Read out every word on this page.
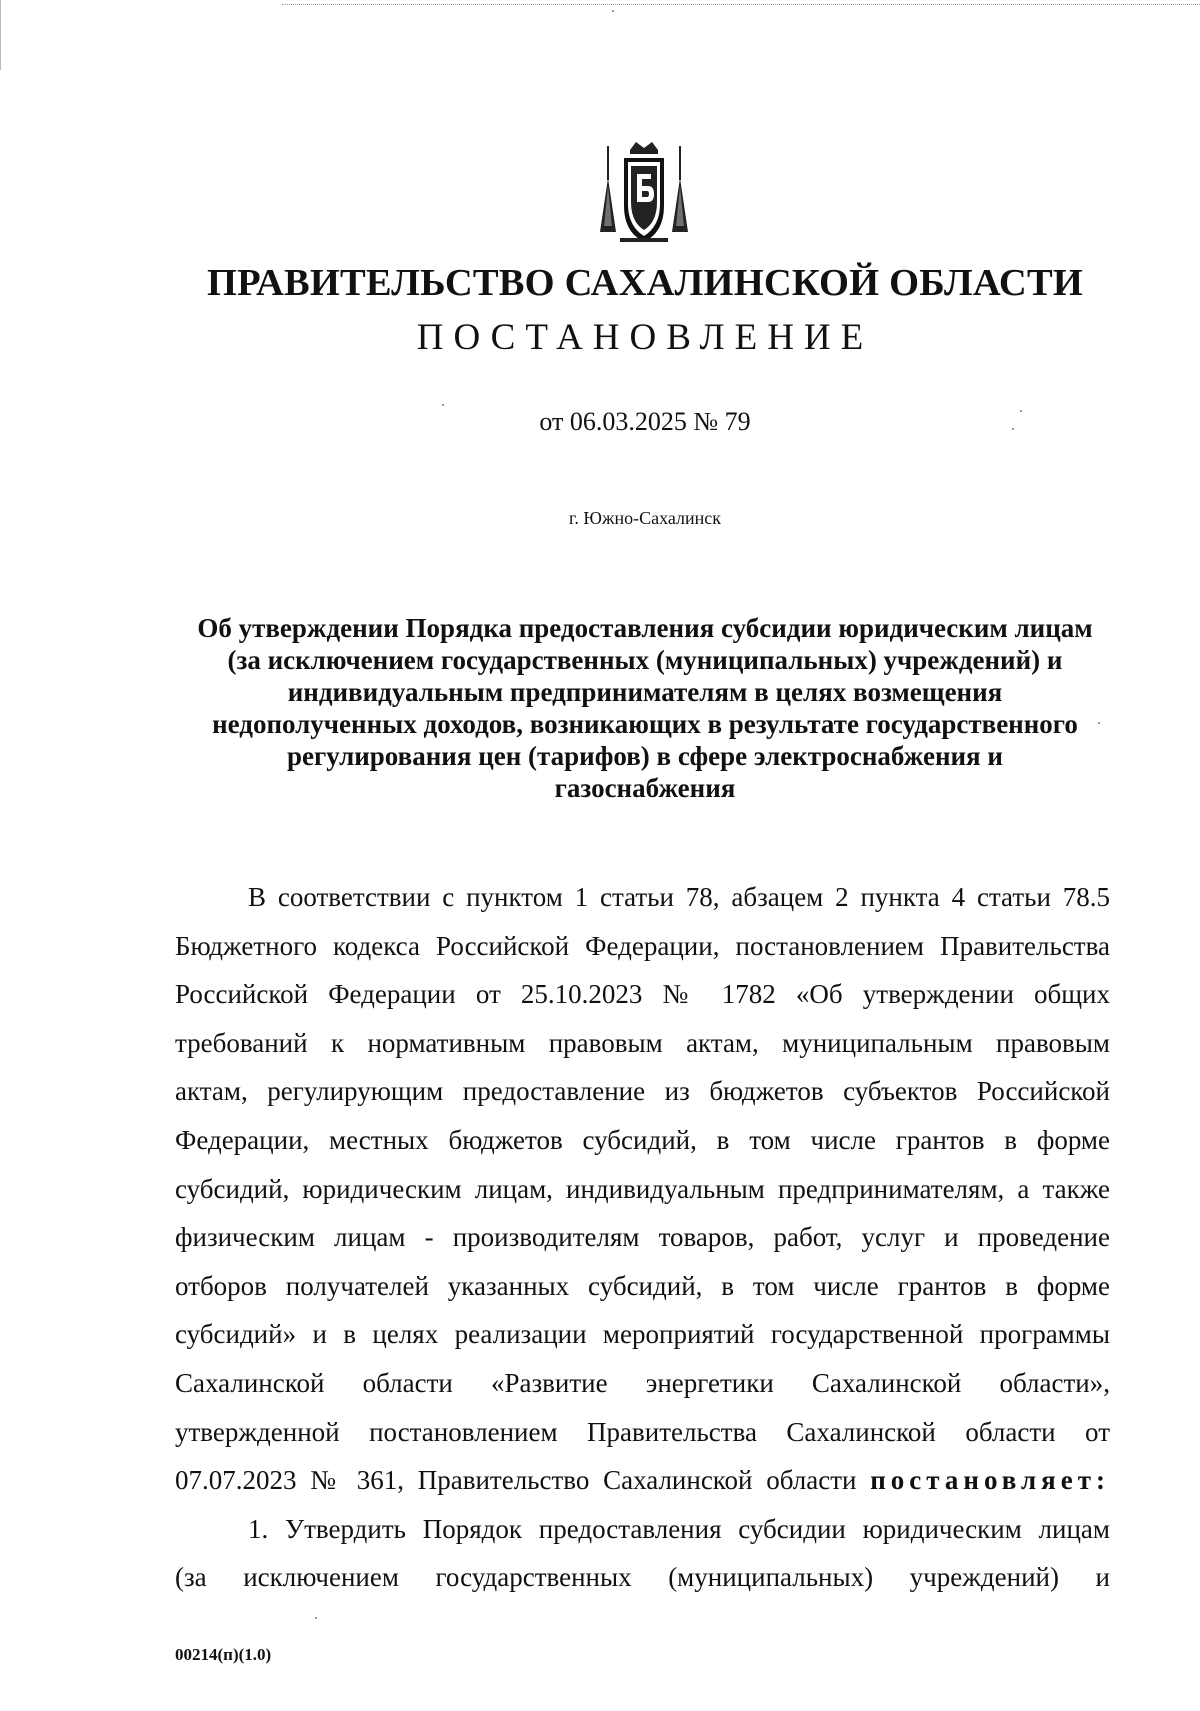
ПРАВИТЕЛЬСТВО САХАЛИНСКОЙ ОБЛАСТИ
ПОСТАНОВЛЕНИЕ
от 06.03.2025 № 79
г. Южно-Сахалинск
Об утверждении Порядка предоставления субсидии юридическим лицам
(за исключением государственных (муниципальных) учреждений) и
индивидуальным предпринимателям в целях возмещения
недополученных доходов, возникающих в результате государственного
регулирования цен (тарифов) в сфере электроснабжения и
газоснабжения
В соответствии с пунктом 1 статьи 78, абзацем 2 пункта 4 статьи 78.5
Бюджетного кодекса Российской Федерации, постановлением Правительства
Российской Федерации от 25.10.2023 № 1782 «Об утверждении общих
требований к нормативным правовым актам, муниципальным правовым
актам, регулирующим предоставление из бюджетов субъектов Российской
Федерации, местных бюджетов субсидий, в том числе грантов в форме
субсидий, юридическим лицам, индивидуальным предпринимателям, а также
физическим лицам - производителям товаров, работ, услуг и проведение
отборов получателей указанных субсидий, в том числе грантов в форме
субсидий» и в целях реализации мероприятий государственной программы
Сахалинской области «Развитие энергетики Сахалинской области»,
утвержденной постановлением Правительства Сахалинской области от
07.07.2023 № 361, Правительство Сахалинской области постановляет:
1. Утвердить Порядок предоставления субсидии юридическим лицам
(за исключением государственных (муниципальных) учреждений) и
00214(п)(1.0)
